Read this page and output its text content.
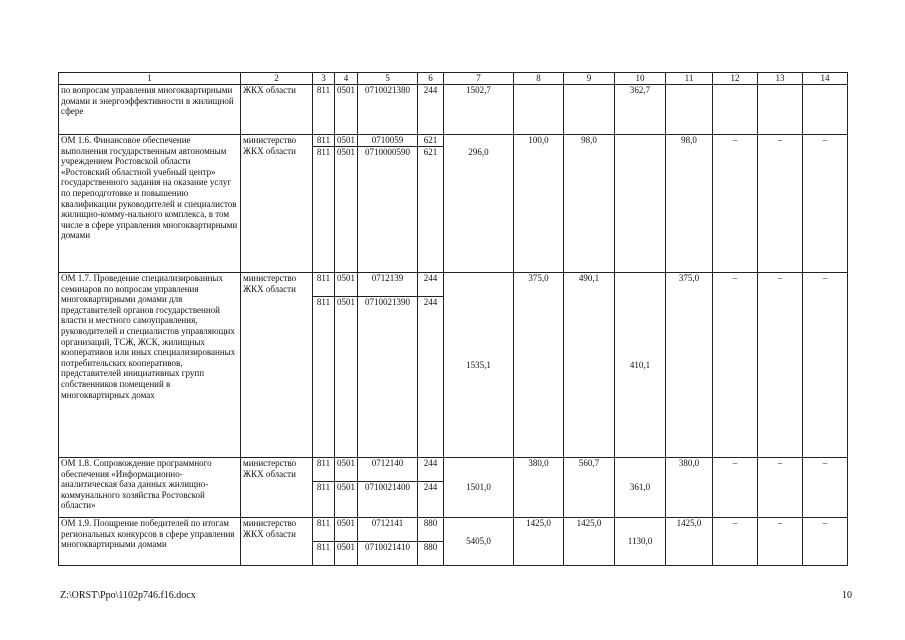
1	2	3	4	5	6	7	8	9	10	11	12	13	14
по вопросам управления многоквартирными домами и энергоэффективности в жилищной сфере	ЖКХ области	811	0501	0710021380	244	1502,7			362,7				
ОМ 1.6. Финансовое обеспечение выполнения государственным автономным учреждением Ростовской области «Ростовский областной учебный центр» государственного задания на оказание услуг по переподготовке и повышению квалификации руководителей и специалистов жилищно-комму-нального комплекса, в том числе в сфере управления многоквартирными домами	министерство ЖКХ области	811	0501	0710059	621		100,0	98,0		98,0	–	–	–
		811	0501	0710000590	621	296,0							
ОМ 1.7. Проведение специализированных семинаров по вопросам управления многоквартирными домами для представителей органов государственной власти и местного самоуправления, руководителей и специалистов управляющих организаций, ТСЖ, ЖСК, жилищных кооперативов или иных специализированных потребительских кооперативов, представителей инициативных групп собственников помещений в многоквартирных домах	министерство ЖКХ области	811	0501	0712139	244	1535,1	375,0	490,1	410,1	375,0	–	–	–
		811	0501	0710021390	244								
ОМ 1.8. Сопровождение программного обеспечения «Информационно-аналитическая база данных жилищно-коммунального хозяйства Ростовской области»	министерство ЖКХ области	811	0501	0712140	244	1501,0	380,0	560,7	361,0	380,0	–	–	–
		811	0501	0710021400	244								
ОМ 1.9. Поощрение победителей по итогам региональных конкурсов в сфере управления многоквартирными домами	министерство ЖКХ области	811	0501	0712141	880	5405,0	1425,0	1425,0	1130,0	1425,0	–	–	–
		811	0501	0710021410	880								
Z:\ORST\Ppo\1102p746.f16.docx	10
